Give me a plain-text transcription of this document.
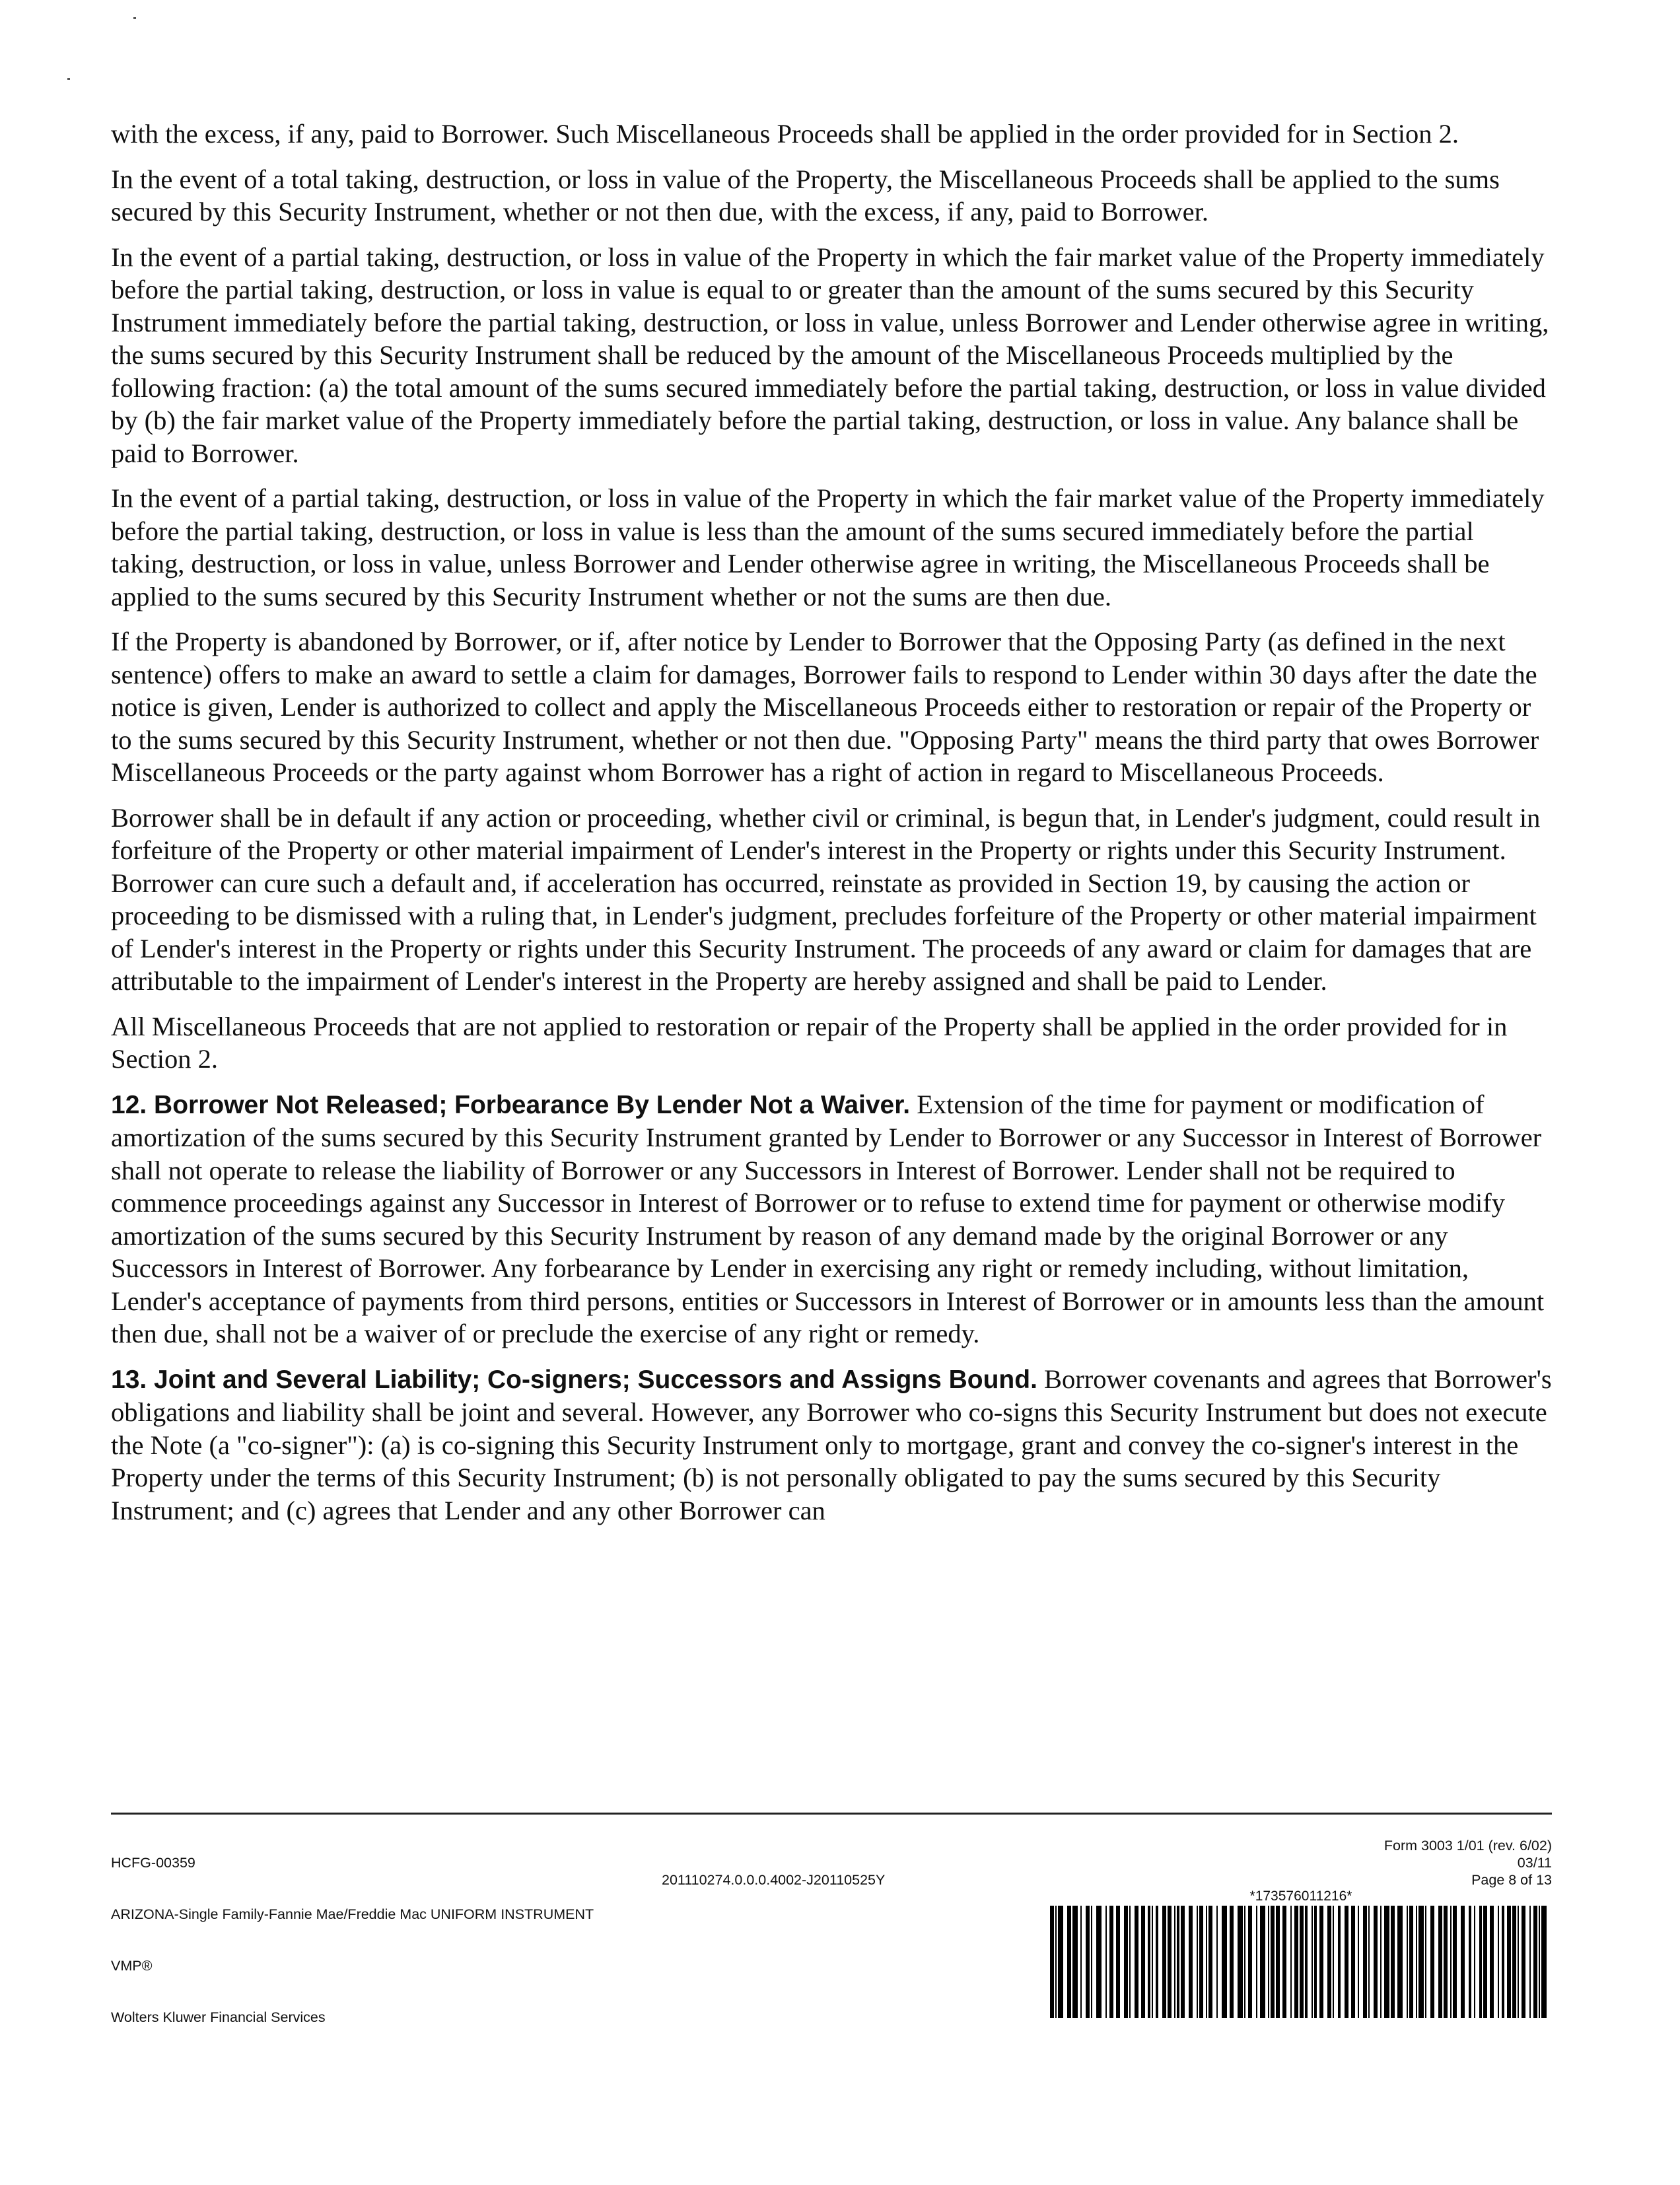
with the excess, if any, paid to Borrower. Such Miscellaneous Proceeds shall be applied in the order provided for in Section 2.

In the event of a total taking, destruction, or loss in value of the Property, the Miscellaneous Proceeds shall be applied to the sums secured by this Security Instrument, whether or not then due, with the excess, if any, paid to Borrower.

In the event of a partial taking, destruction, or loss in value of the Property in which the fair market value of the Property immediately before the partial taking, destruction, or loss in value is equal to or greater than the amount of the sums secured by this Security Instrument immediately before the partial taking, destruction, or loss in value, unless Borrower and Lender otherwise agree in writing, the sums secured by this Security Instrument shall be reduced by the amount of the Miscellaneous Proceeds multiplied by the following fraction: (a) the total amount of the sums secured immediately before the partial taking, destruction, or loss in value divided by (b) the fair market value of the Property immediately before the partial taking, destruction, or loss in value. Any balance shall be paid to Borrower.

In the event of a partial taking, destruction, or loss in value of the Property in which the fair market value of the Property immediately before the partial taking, destruction, or loss in value is less than the amount of the sums secured immediately before the partial taking, destruction, or loss in value, unless Borrower and Lender otherwise agree in writing, the Miscellaneous Proceeds shall be applied to the sums secured by this Security Instrument whether or not the sums are then due.

If the Property is abandoned by Borrower, or if, after notice by Lender to Borrower that the Opposing Party (as defined in the next sentence) offers to make an award to settle a claim for damages, Borrower fails to respond to Lender within 30 days after the date the notice is given, Lender is authorized to collect and apply the Miscellaneous Proceeds either to restoration or repair of the Property or to the sums secured by this Security Instrument, whether or not then due. "Opposing Party" means the third party that owes Borrower Miscellaneous Proceeds or the party against whom Borrower has a right of action in regard to Miscellaneous Proceeds.

Borrower shall be in default if any action or proceeding, whether civil or criminal, is begun that, in Lender's judgment, could result in forfeiture of the Property or other material impairment of Lender's interest in the Property or rights under this Security Instrument. Borrower can cure such a default and, if acceleration has occurred, reinstate as provided in Section 19, by causing the action or proceeding to be dismissed with a ruling that, in Lender's judgment, precludes forfeiture of the Property or other material impairment of Lender's interest in the Property or rights under this Security Instrument. The proceeds of any award or claim for damages that are attributable to the impairment of Lender's interest in the Property are hereby assigned and shall be paid to Lender.

All Miscellaneous Proceeds that are not applied to restoration or repair of the Property shall be applied in the order provided for in Section 2.

12. Borrower Not Released; Forbearance By Lender Not a Waiver. Extension of the time for payment or modification of amortization of the sums secured by this Security Instrument granted by Lender to Borrower or any Successor in Interest of Borrower shall not operate to release the liability of Borrower or any Successors in Interest of Borrower. Lender shall not be required to commence proceedings against any Successor in Interest of Borrower or to refuse to extend time for payment or otherwise modify amortization of the sums secured by this Security Instrument by reason of any demand made by the original Borrower or any Successors in Interest of Borrower. Any forbearance by Lender in exercising any right or remedy including, without limitation, Lender's acceptance of payments from third persons, entities or Successors in Interest of Borrower or in amounts less than the amount then due, shall not be a waiver of or preclude the exercise of any right or remedy.

13. Joint and Several Liability; Co-signers; Successors and Assigns Bound. Borrower covenants and agrees that Borrower's obligations and liability shall be joint and several. However, any Borrower who co-signs this Security Instrument but does not execute the Note (a "co-signer"): (a) is co-signing this Security Instrument only to mortgage, grant and convey the co-signer's interest in the Property under the terms of this Security Instrument; (b) is not personally obligated to pay the sums secured by this Security Instrument; and (c) agrees that Lender and any other Borrower can

HCFG-00359

ARIZONA-Single Family-Fannie Mae/Freddie Mac UNIFORM INSTRUMENT

VMP®

Wolters Kluwer Financial Services

201110274.0.0.0.4002-J20110525Y
Form 3003 1/01 (rev. 6/02)
03/11
Page 8 of 13
*173576011216*
